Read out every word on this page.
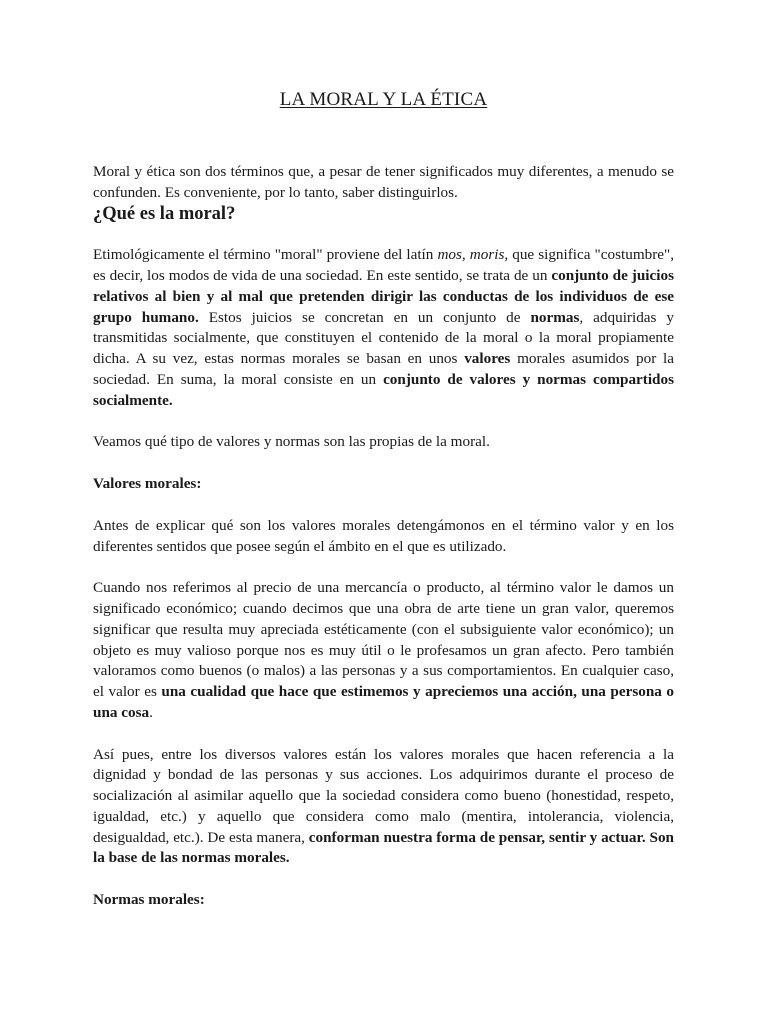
LA MORAL Y LA ÉTICA

Moral y ética son dos términos que, a pesar de tener significados muy diferentes, a menudo se confunden. Es conveniente, por lo tanto, saber distinguirlos.

¿Qué es la moral?

Etimológicamente el término "moral" proviene del latín mos, moris, que significa "costumbre", es decir, los modos de vida de una sociedad. En este sentido, se trata de un conjunto de juicios relativos al bien y al mal que pretenden dirigir las conductas de los individuos de ese grupo humano. Estos juicios se concretan en un conjunto de normas, adquiridas y transmitidas socialmente, que constituyen el contenido de la moral o la moral propiamente dicha. A su vez, estas normas morales se basan en unos valores morales asumidos por la sociedad. En suma, la moral consiste en un conjunto de valores y normas compartidos socialmente.

Veamos qué tipo de valores y normas son las propias de la moral.

Valores morales:

Antes de explicar qué son los valores morales detengámonos en el término valor y en los diferentes sentidos que posee según el ámbito en el que es utilizado.

Cuando nos referimos al precio de una mercancía o producto, al término valor le damos un significado económico; cuando decimos que una obra de arte tiene un gran valor, queremos significar que resulta muy apreciada estéticamente (con el subsiguiente valor económico); un objeto es muy valioso porque nos es muy útil o le profesamos un gran afecto. Pero también valoramos como buenos (o malos) a las personas y a sus comportamientos. En cualquier caso, el valor es una cualidad que hace que estimemos y apreciemos una acción, una persona o una cosa.

Así pues, entre los diversos valores están los valores morales que hacen referencia a la dignidad y bondad de las personas y sus acciones. Los adquirimos durante el proceso de socialización al asimilar aquello que la sociedad considera como bueno (honestidad, respeto, igualdad, etc.) y aquello que considera como malo (mentira, intolerancia, violencia, desigualdad, etc.). De esta manera, conforman nuestra forma de pensar, sentir y actuar. Son la base de las normas morales.

Normas morales:
